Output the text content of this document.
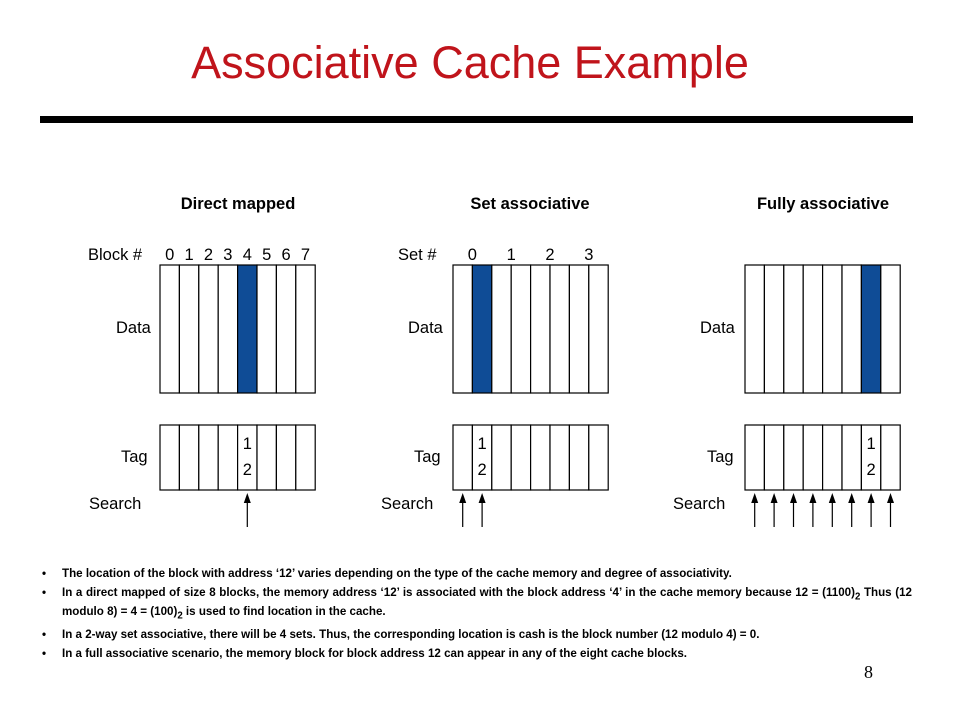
Associative Cache Example
Direct mapped
Block #
Data
Tag
Search
0 1 2 3 4 5 6 7
1
2
Set associative
Set #
Data
Tag
Search
0 1 2 3
1
2
Fully associative
Data
Tag
Search
1
2
• The location of the block with address ‘12’ varies depending on the type of the cache memory and degree of associativity.
• In a direct mapped of size 8 blocks, the memory address ‘12’ is associated with the block address ‘4’ in the cache memory because $12 = (1100)_2$ Thus (12 modulo $8) = 4 = (100)_2$ is used to find location in the cache.
• In a 2-way set associative, there will be 4 sets. Thus, the corresponding location is cash is the block number (12 modulo 4) = 0.
• In a full associative scenario, the memory block for block address 12 can appear in any of the eight cache blocks.
8
